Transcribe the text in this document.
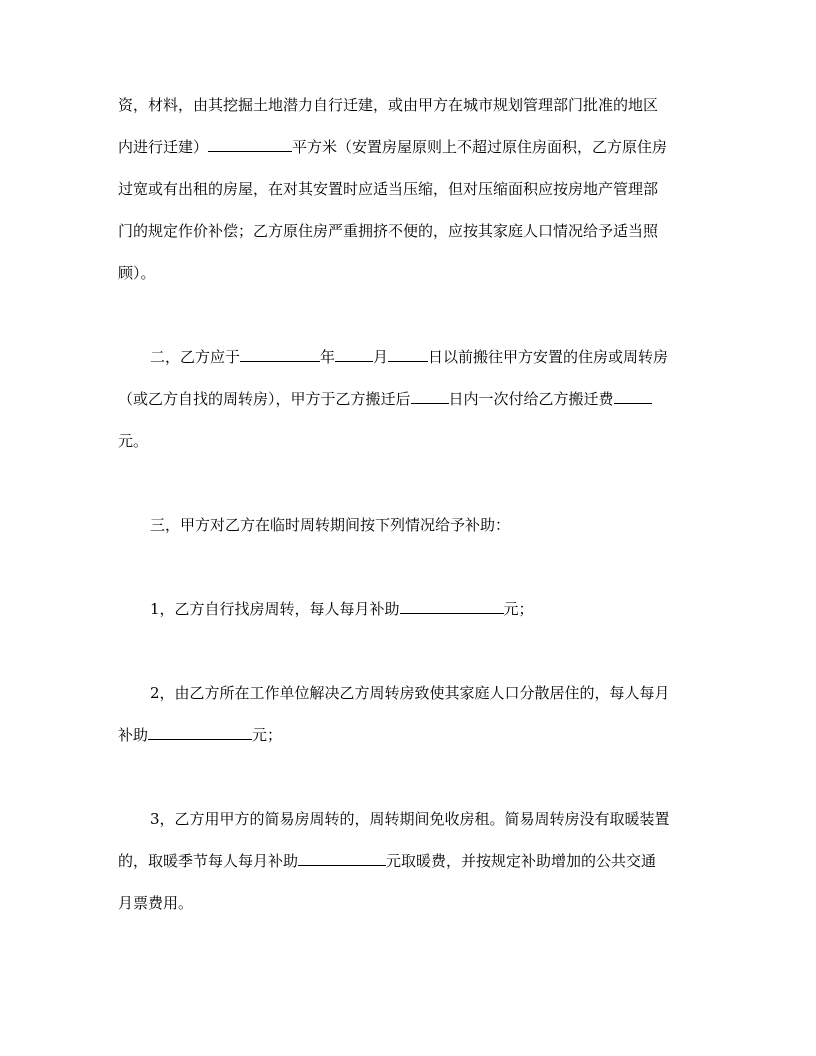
资，材料，由其挖掘土地潜力自行迁建，或由甲方在城市规划管理部门批准的地区
内进行迁建）	平方米（安置房屋原则上不超过原住房面积，乙方原住房
过宽或有出租的房屋，在对其安置时应适当压缩，但对压缩面积应按房地产管理部
门的规定作价补偿；乙方原住房严重拥挤不便的，应按其家庭人口情况给予适当照
顾）。
二，乙方应于	年	月	日以前搬往甲方安置的住房或周转房
（或乙方自找的周转房），甲方于乙方搬迁后	日内一次付给乙方搬迁费
元。
三，甲方对乙方在临时周转期间按下列情况给予补助：
1，乙方自行找房周转，每人每月补助	元；
2，由乙方所在工作单位解决乙方周转房致使其家庭人口分散居住的，每人每月
补助	元；
3，乙方用甲方的简易房周转的，周转期间免收房租。简易周转房没有取暖装置
的，取暖季节每人每月补助	元取暖费，并按规定补助增加的公共交通
月票费用。
